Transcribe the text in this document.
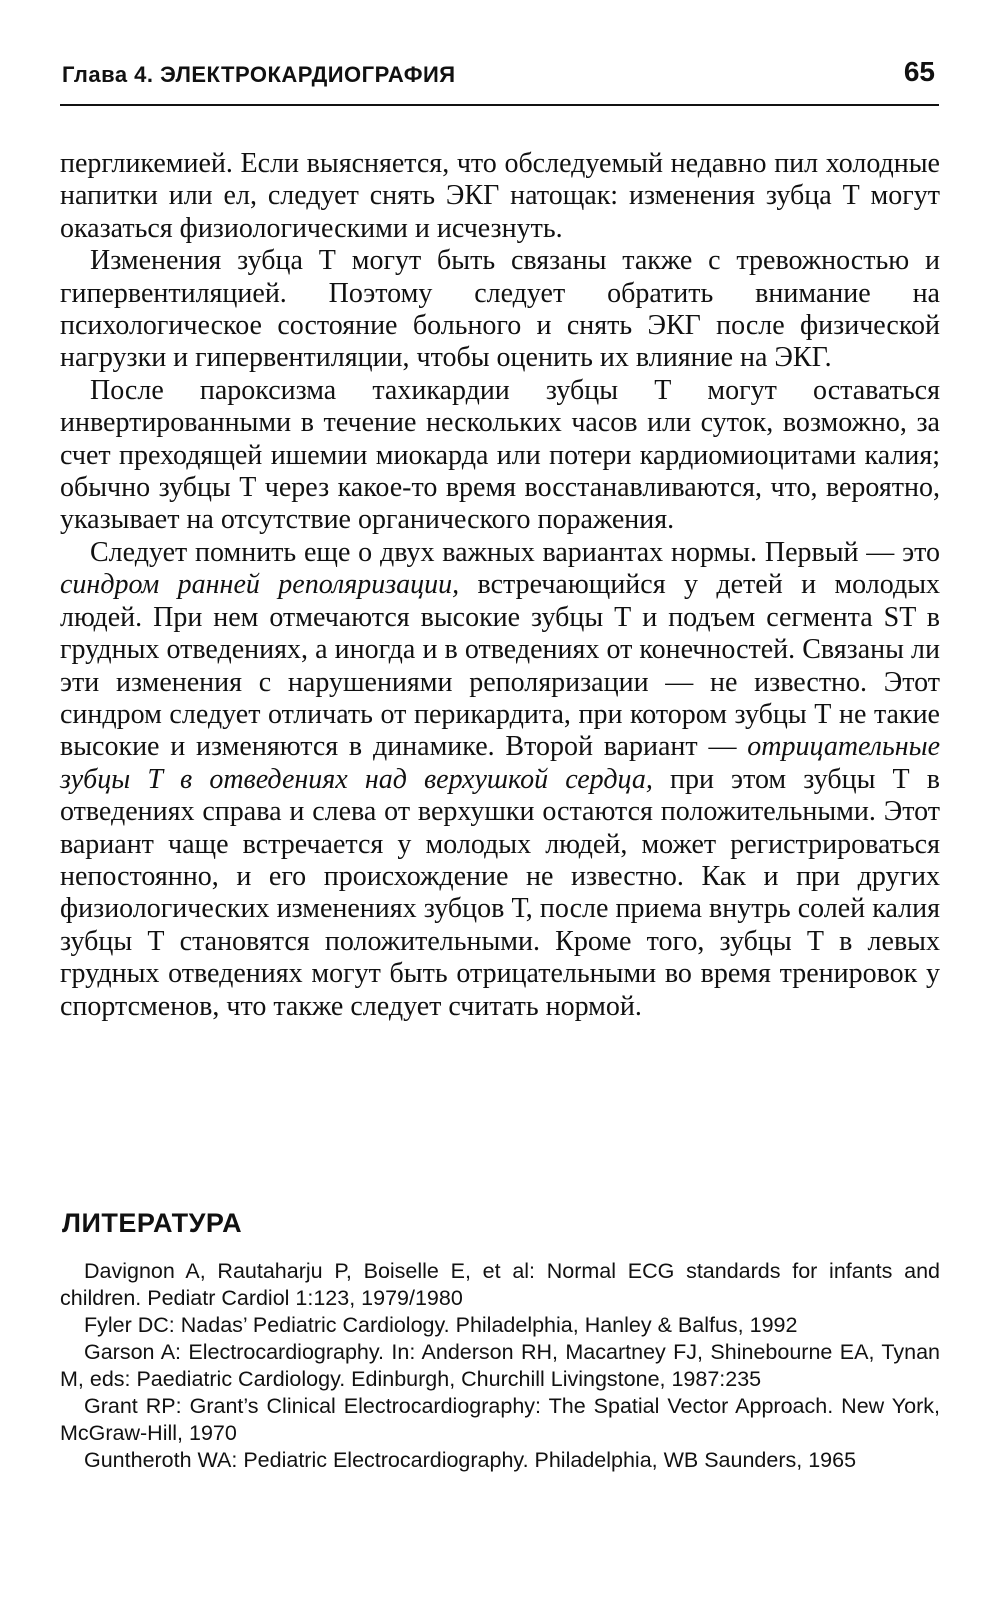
Глава 4. ЭЛЕКТРОКАРДИОГРАФИЯ	65

пергликемией. Если выясняется, что обследуемый недавно пил холодные напитки или ел, следует снять ЭКГ натощак: изменения зубца Т могут оказаться физиологическими и исчезнуть.

Изменения зубца Т могут быть связаны также с тревожностью и гипервентиляцией. Поэтому следует обратить внимание на психологическое состояние больного и снять ЭКГ после физической нагрузки и гипервентиляции, чтобы оценить их влияние на ЭКГ.

После пароксизма тахикардии зубцы Т могут оставаться инвертированными в течение нескольких часов или суток, возможно, за счет преходящей ишемии миокарда или потери кардиомиоцитами калия; обычно зубцы Т через какое-то время восстанавливаются, что, вероятно, указывает на отсутствие органического поражения.

Следует помнить еще о двух важных вариантах нормы. Первый — это синдром ранней реполяризации, встречающийся у детей и молодых людей. При нем отмечаются высокие зубцы Т и подъем сегмента ST в грудных отведениях, а иногда и в отведениях от конечностей. Связаны ли эти изменения с нарушениями реполяризации — не известно. Этот синдром следует отличать от перикардита, при котором зубцы Т не такие высокие и изменяются в динамике. Второй вариант — отрицательные зубцы Т в отведениях над верхушкой сердца, при этом зубцы Т в отведениях справа и слева от верхушки остаются положительными. Этот вариант чаще встречается у молодых людей, может регистрироваться непостоянно, и его происхождение не известно. Как и при других физиологических изменениях зубцов Т, после приема внутрь солей калия зубцы Т становятся положительными. Кроме того, зубцы Т в левых грудных отведениях могут быть отрицательными во время тренировок у спортсменов, что также следует считать нормой.

ЛИТЕРАТУРА

Davignon A, Rautaharju P, Boiselle E, et al: Normal ECG standards for infants and children. Pediatr Cardiol 1:123, 1979/1980

Fyler DC: Nadas’ Pediatric Cardiology. Philadelphia, Hanley & Balfus, 1992

Garson A: Electrocardiography. In: Anderson RH, Macartney FJ, Shinebourne EA, Tynan M, eds: Paediatric Cardiology. Edinburgh, Churchill Livingstone, 1987:235

Grant RP: Grant’s Clinical Electrocardiography: The Spatial Vector Approach. New York, McGraw-Hill, 1970

Guntheroth WA: Pediatric Electrocardiography. Philadelphia, WB Saunders, 1965
